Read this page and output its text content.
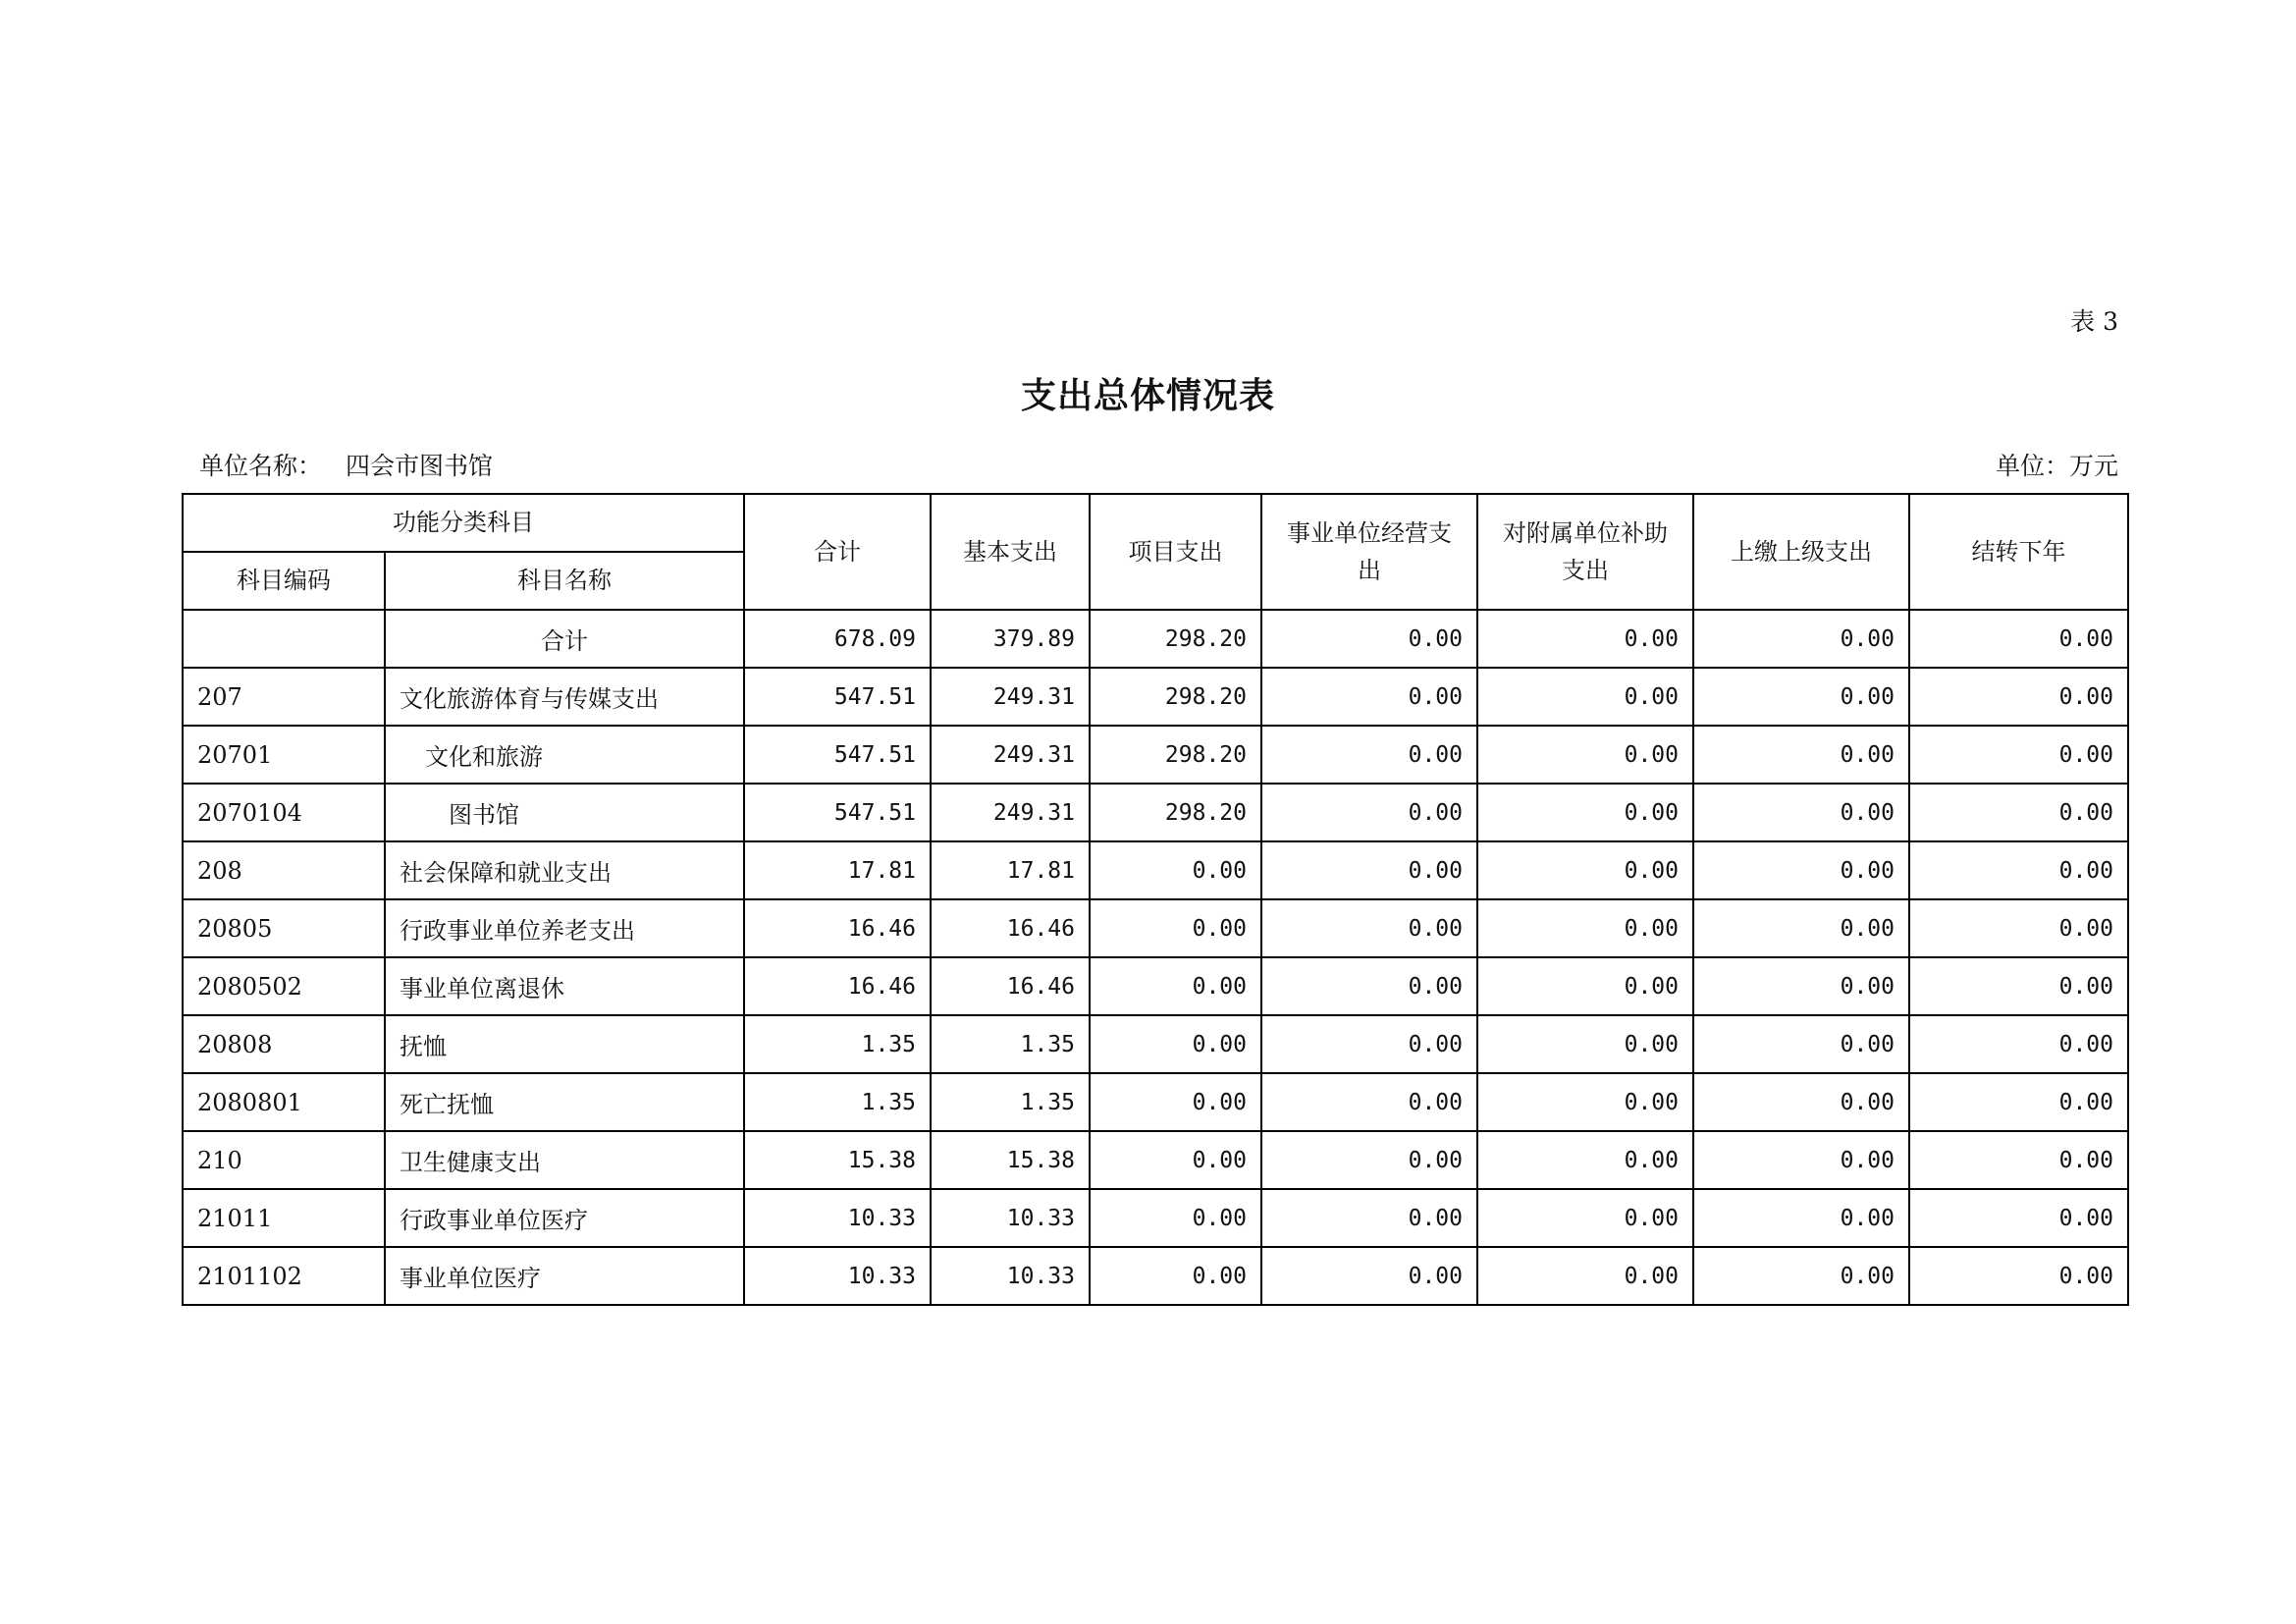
表 3
支出总体情况表
单位名称： 四会市图书馆	单位：万元
功能分类科目		合计	基本支出	项目支出	事业单位经营支出	对附属单位补助支出	上缴上级支出	结转下年
科目编码	科目名称							
	合计	678.09	379.89	298.20	0.00	0.00	0.00	0.00
207	文化旅游体育与传媒支出	547.51	249.31	298.20	0.00	0.00	0.00	0.00
20701	文化和旅游	547.51	249.31	298.20	0.00	0.00	0.00	0.00
2070104	图书馆	547.51	249.31	298.20	0.00	0.00	0.00	0.00
208	社会保障和就业支出	17.81	17.81	0.00	0.00	0.00	0.00	0.00
20805	行政事业单位养老支出	16.46	16.46	0.00	0.00	0.00	0.00	0.00
2080502	事业单位离退休	16.46	16.46	0.00	0.00	0.00	0.00	0.00
20808	抚恤	1.35	1.35	0.00	0.00	0.00	0.00	0.00
2080801	死亡抚恤	1.35	1.35	0.00	0.00	0.00	0.00	0.00
210	卫生健康支出	15.38	15.38	0.00	0.00	0.00	0.00	0.00
21011	行政事业单位医疗	10.33	10.33	0.00	0.00	0.00	0.00	0.00
2101102	事业单位医疗	10.33	10.33	0.00	0.00	0.00	0.00	0.00
